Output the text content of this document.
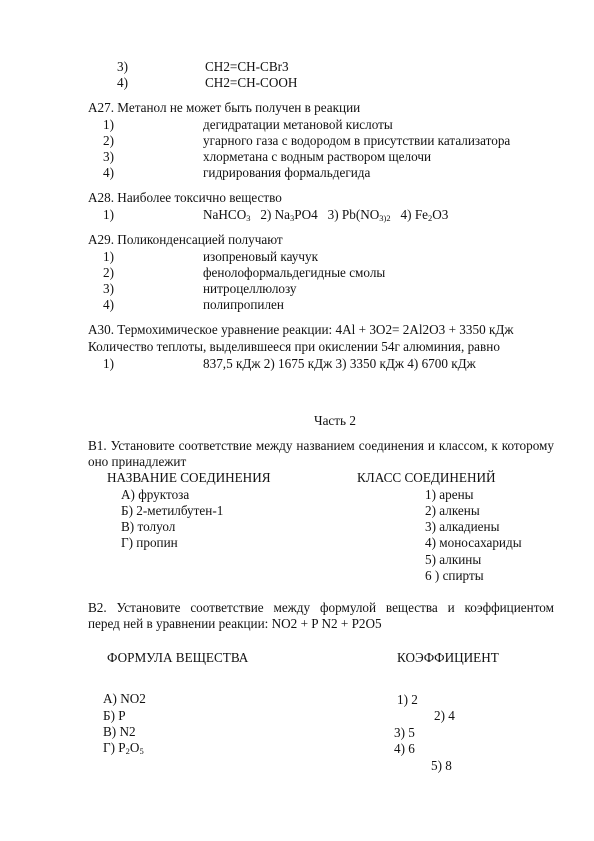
3)	CH2=CH-CBr3
4)	CH2=CH-COOH
А27. Метанол не может быть получен в реакции
1)	дегидратации метановой кислоты
2)	угарного газа с водородом в присутствии катализатора
3)	хлорметана с водным раствором щелочи
4)	гидрирования формальдегида
А28. Наиболее токсично вещество
1)	NaHCO$_3$ 2) $Na_3PO4$ 3) $Pb(NO_{3)2}$ 4) $Fe_2O3$
А29. Поликонденсацией получают
1)	изопреновый каучук
2)	фенолоформальдегидные смолы
3)	нитроцеллюлозу
4)	полипропилен
А30. Термохимическое уравнение реакции: 4Al + 3O2= 2Al2O3 + 3350 кДж
Количество теплоты, выделившееся при окислении 54г алюминия, равно
1)	837,5 кДж 2) 1675 кДж 3) 3350 кДж 4) 6700 кДж
Часть 2
В1. Установите соответствие между названием соединения и классом, к которому оно принадлежит
НАЗВАНИЕ СОЕДИНЕНИЯ	КЛАСС СОЕДИНЕНИЙ
А) фруктоза
Б) 2-метилбутен-1
В) толуол
Г) пропин
1) арены
2) алкены
3) алкадиены
4) моносахариды
5) алкины
6 ) спирты
В2. Установите соответствие между формулой вещества и коэффициентом
перед ней в уравнении реакции: NO2 + P N2 + P2O5
ФОРМУЛА ВЕЩЕСТВА	КОЭФФИЦИЕНТ
А) NO2
Б) P
В) N2
Г) $P_2O_5$
1) 2
2) 4
3) 5
4) 6
5) 8
